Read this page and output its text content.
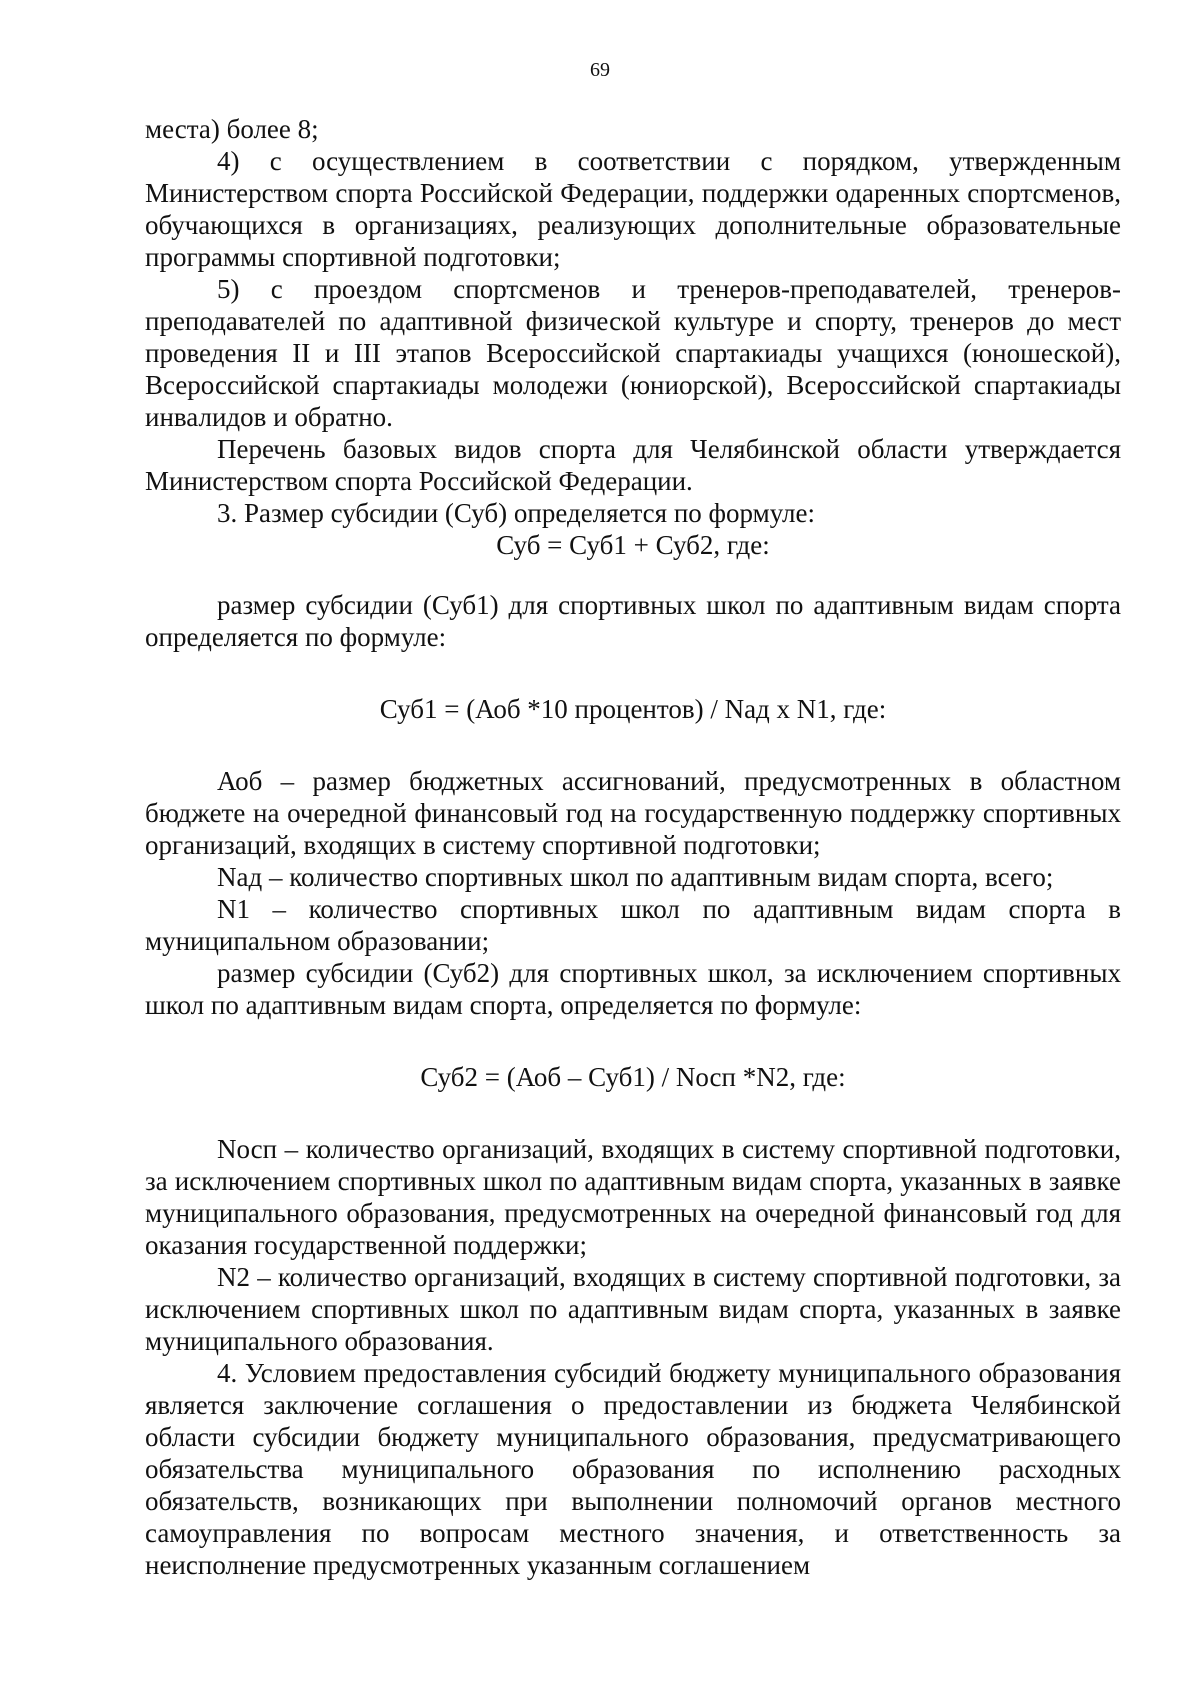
69

места) более 8;

4) с осуществлением в соответствии с порядком, утвержденным Министерством спорта Российской Федерации, поддержки одаренных спортсменов, обучающихся в организациях, реализующих дополнительные образовательные программы спортивной подготовки;

5) с проездом спортсменов и тренеров-преподавателей, тренеров-преподавателей по адаптивной физической культуре и спорту, тренеров до мест проведения II и III этапов Всероссийской спартакиады учащихся (юношеской), Всероссийской спартакиады молодежи (юниорской), Всероссийской спартакиады инвалидов и обратно.

Перечень базовых видов спорта для Челябинской области утверждается Министерством спорта Российской Федерации.

3. Размер субсидии (Суб) определяется по формуле:

Суб = Суб1 + Суб2, где:

размер субсидии (Суб1) для спортивных школ по адаптивным видам спорта определяется по формуле:

Суб1 = (Аоб *10 процентов) / Nад х N1, где:

Аоб – размер бюджетных ассигнований, предусмотренных в областном бюджете на очередной финансовый год на государственную поддержку спортивных организаций, входящих в систему спортивной подготовки;

Nад – количество спортивных школ по адаптивным видам спорта, всего;

N1 – количество спортивных школ по адаптивным видам спорта в муниципальном образовании;

размер субсидии (Суб2) для спортивных школ, за исключением спортивных школ по адаптивным видам спорта, определяется по формуле:

Суб2 = (Аоб – Суб1) / Nосп *N2, где:

Nосп – количество организаций, входящих в систему спортивной подготовки, за исключением спортивных школ по адаптивным видам спорта, указанных в заявке муниципального образования, предусмотренных на очередной финансовый год для оказания государственной поддержки;

N2 – количество организаций, входящих в систему спортивной подготовки, за исключением спортивных школ по адаптивным видам спорта, указанных в заявке муниципального образования.

4. Условием предоставления субсидий бюджету муниципального образования является заключение соглашения о предоставлении из бюджета Челябинской области субсидии бюджету муниципального образования, предусматривающего обязательства муниципального образования по исполнению расходных обязательств, возникающих при выполнении полномочий органов местного самоуправления по вопросам местного значения, и ответственность за неисполнение предусмотренных указанным соглашением
